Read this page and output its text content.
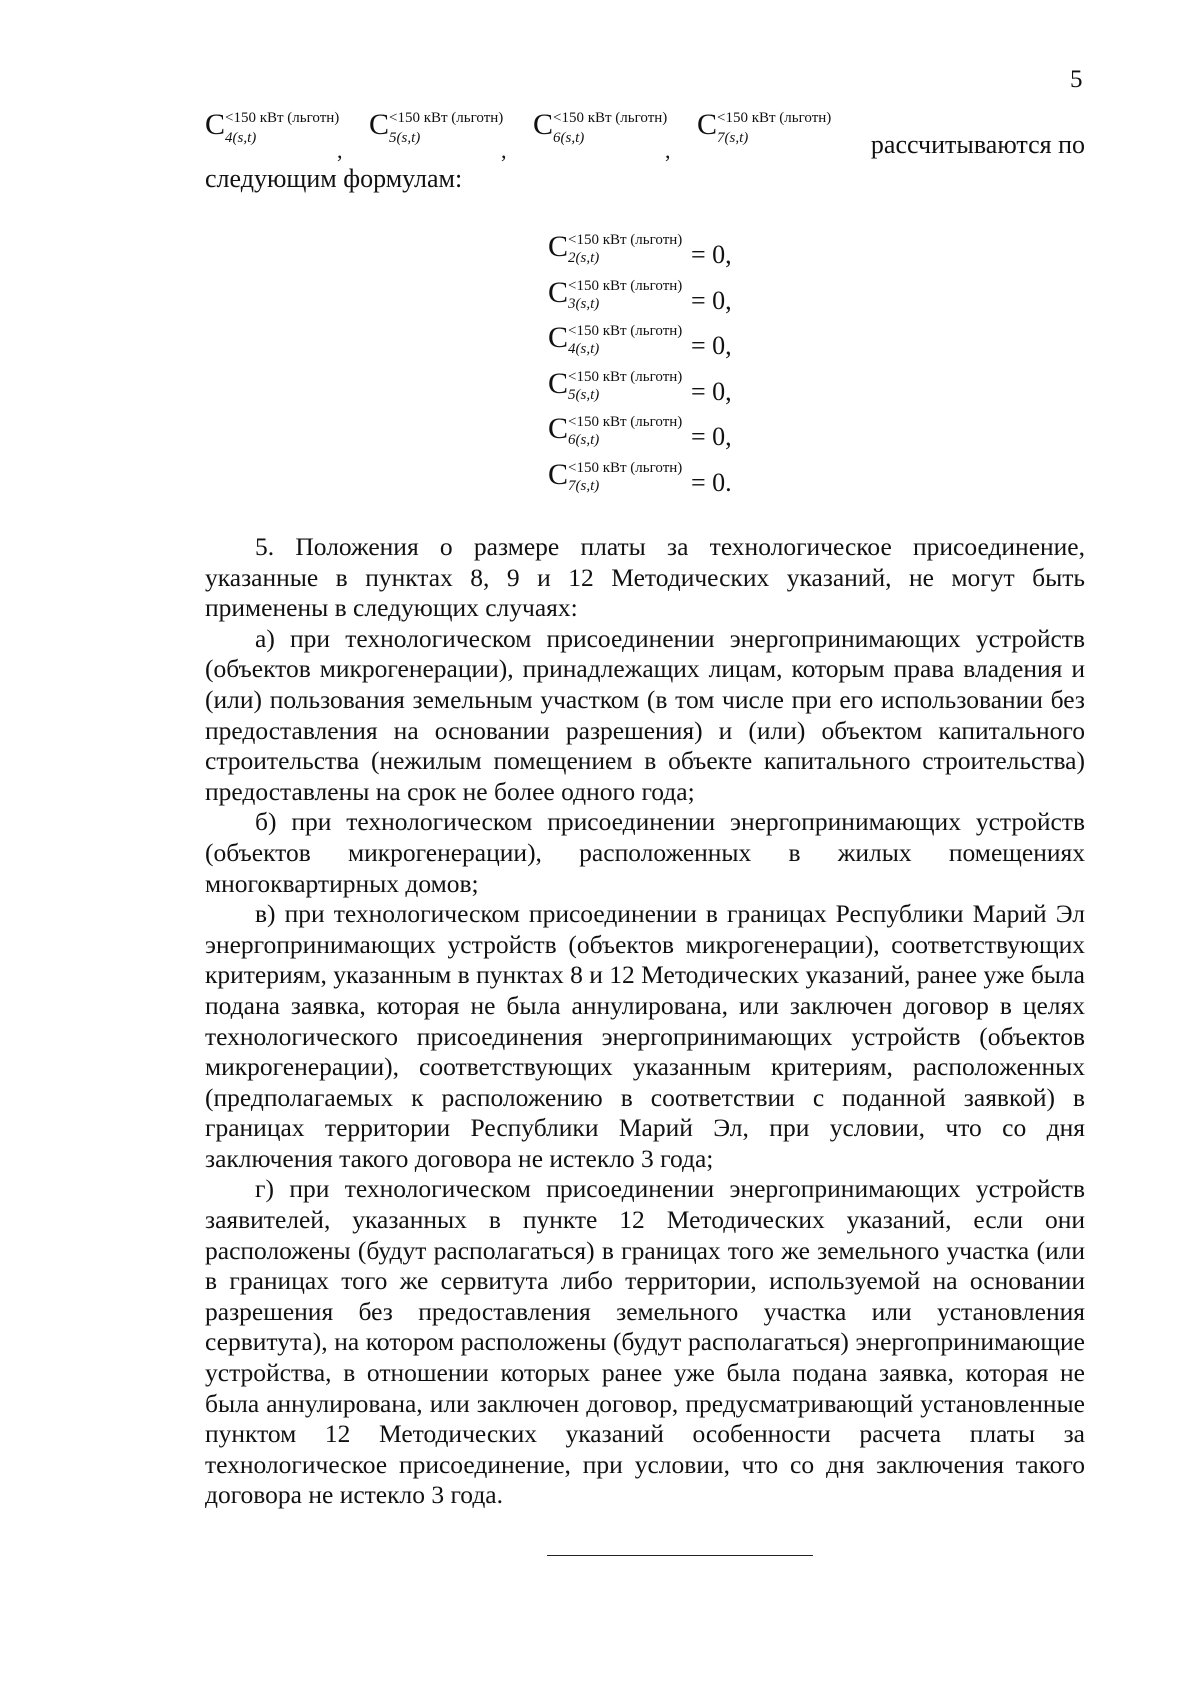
5
C <150 кВт (льготн)
4(s,t)	,
C <150 кВт (льготн)
5(s,t)	,
C <150 кВт (льготн)
6(s,t)	,
C <150 кВт (льготн)
7(s,t)	рассчитываются по
следующим формулам:
C <150 кВт (льготн)
2(s,t)	= 0,
C <150 кВт (льготн)
3(s,t)	= 0,
C <150 кВт (льготн)
4(s,t)	= 0,
C <150 кВт (льготн)
5(s,t)	= 0,
C <150 кВт (льготн)
6(s,t)	= 0,
C <150 кВт (льготн)
7(s,t)	= 0.

5. Положения о размере платы за технологическое присоединение, указанные в пунктах 8, 9 и 12 Методических указаний, не могут быть применены в следующих случаях:

а) при технологическом присоединении энергопринимающих устройств (объектов микрогенерации), принадлежащих лицам, которым права владения и (или) пользования земельным участком (в том числе при его использовании без предоставления на основании разрешения) и (или) объектом капитального строительства (нежилым помещением в объекте капитального строительства) предоставлены на срок не более одного года;

б) при технологическом присоединении энергопринимающих устройств (объектов микрогенерации), расположенных в жилых помещениях многоквартирных домов;

в) при технологическом присоединении в границах Республики Марий Эл энергопринимающих устройств (объектов микрогенерации), соответствующих критериям, указанным в пунктах 8 и 12 Методических указаний, ранее уже была подана заявка, которая не была аннулирована, или заключен договор в целях технологического присоединения энергопринимающих устройств (объектов микрогенерации), соответствующих указанным критериям, расположенных (предполагаемых к расположению в соответствии с поданной заявкой) в границах территории Республики Марий Эл, при условии, что со дня заключения такого договора не истекло 3 года;

г) при технологическом присоединении энергопринимающих устройств заявителей, указанных в пункте 12 Методических указаний, если они расположены (будут располагаться) в границах того же земельного участка (или в границах того же сервитута либо территории, используемой на основании разрешения без предоставления земельного участка или установления сервитута), на котором расположены (будут располагаться) энергопринимающие устройства, в отношении которых ранее уже была подана заявка, которая не была аннулирована, или заключен договор, предусматривающий установленные пунктом 12 Методических указаний особенности расчета платы за технологическое присоединение, при условии, что со дня заключения такого договора не истекло 3 года.
